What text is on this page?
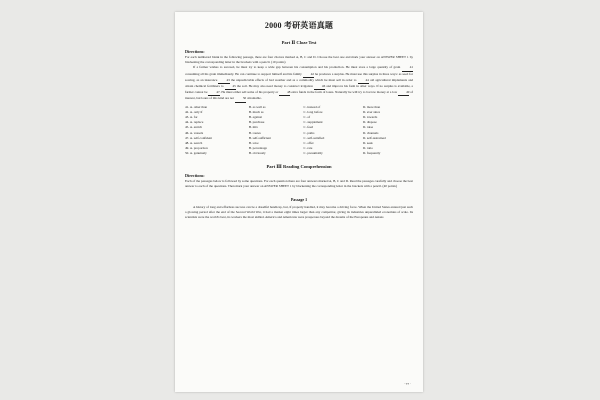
2000 考研英语真题
Part Ⅱ Cloze Test
Directions:

For each numbered blank in the following passage, there are four choices marked A, B, C and D. Choose the best one and mark your answer on ANSWER SHEET 1 by blackening the corresponding letter in the brackets with a pencil. (10 points)

If a farmer wishes to succeed, he must try to keep a wide gap between his consumption and his production. He must store a large quantity of grain 41 consuming all his grain immediately. He can continue to support himself and his family 42 he produces a surplus. He must use this surplus in three ways: as seed for sowing, as an insurance 43 the unpredictable effects of bad weather and as a commodity which he must sell in order to 44 old agricultural implements and obtain chemical fertilizers to 45 the soil. He may also need money to construct irrigation 46 and improve his farm in other ways. If no surplus is available, a farmer cannot be 47. He must either sell some of his property or 48 extra funds in the form of loans. Naturally he will try to borrow money at a low 49 of interest, but loans of this kind are not 50 obtainable.

41. A. other than	B. as well as	C. instead of	D. more than
42. A. only if	B. much as	C. long before	D. ever since
43. A. for	B. against	C. of	D. towards
44. A. replace	B. purchase	C. supplement	D. dispose
45. A. enrich	B. mix	C. feed	D. raise
46. A. vessels	B. routes	C. paths	D. channels
47. A. self-confident	B. self-sufficient	C. self-satisfied	D. self-restrained
48. A. search	B. save	C. offer	D. seek
49. A. proportion	B. percentage	C. rate	D. ratio
50. A. genuinely	B. obviously	C. presumably	D. frequently
Part Ⅲ Reading Comprehension
Directions:

Each of the passages below is followed by some questions. For each question there are four answers marked A, B, C and D. Read the passages carefully and choose the best answer to each of the questions. Then mark your answer on ANSWER SHEET 1 by blackening the corresponding letter in the brackets with a pencil. (40 points)

Passage 1

A history of long and effortless success can be a dreadful handicap, but, if properly handled, it may become a driving force. When the United States entered just such a glowing period after the end of the Second World War, it had a market eight times larger than any competitor, giving its industries unparalleled economies of scale. Its scientists were the world's best, its workers the most skilled. America and Americans were prosperous beyond the dreams of the Europeans and Asians

· 77 ·
